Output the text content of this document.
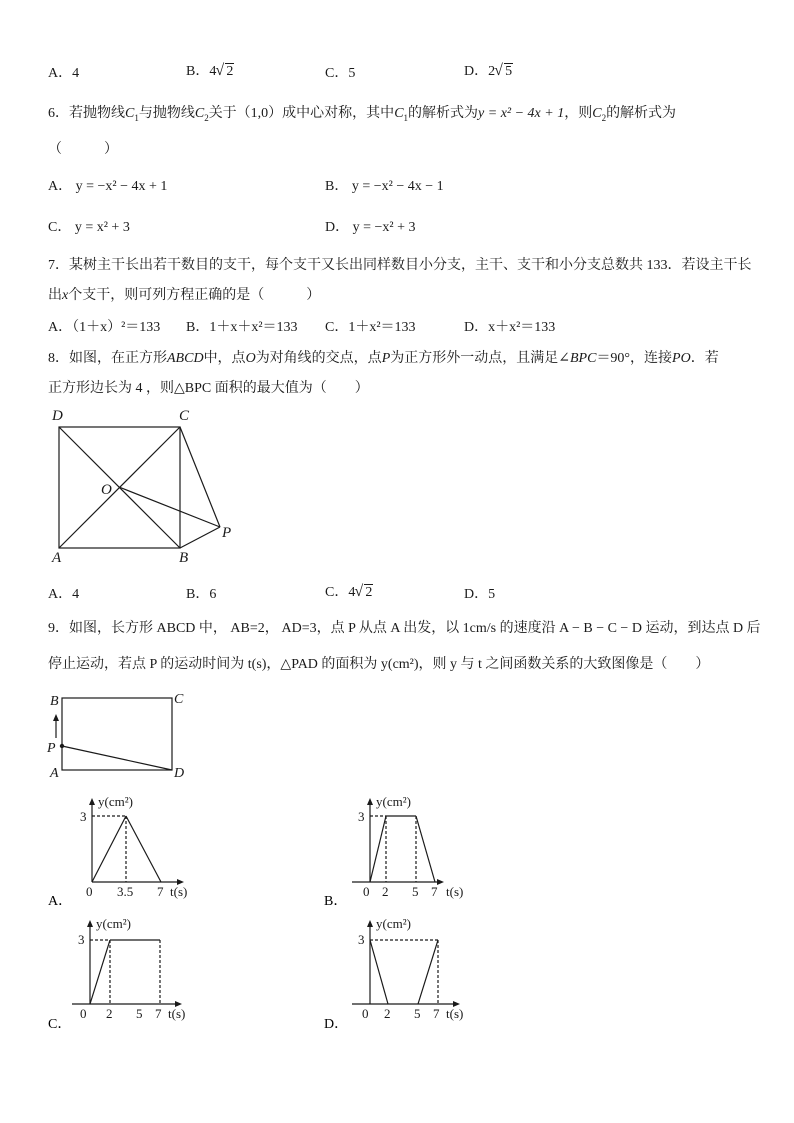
A．4	B．4 √ 2	C．5	D．2 √ 5
6．若抛物线$C_1$与抛物线$C_2$关于（1,0）成中心对称，其中$C_1$的解析式为y = x² − 4x + 1，则$C_2$的解析式为
（　　　）
A． y = −x² − 4x + 1	B． y = −x² − 4x − 1
C． y = x² + 3	D． y = −x² + 3
7．某树主干长出若干数目的支干，每个支干又长出同样数目小分支，主干、支干和小分支总数共 133．若设主干长
出x个支干，则可列方程正确的是（　　　）
A．（1＋x）²＝133 B．1＋x＋x²＝133 C．1＋x²＝133	D．x＋x²＝133
8．如图，在正方形ABCD中，点O为对角线的交点，点P为正方形外一动点，且满足∠BPC＝90°，连接PO．若
正方形边长为 4 ，则△BPC 面积的最大值为（　　）
D	C
O
P
A	B
A．4	B．6	C．4 √ 2	D．5
9．如图，长方形 ABCD 中， AB=2， AD=3，点 P 从点 A 出发，以 1cm/s 的速度沿 A − B − C − D 运动，到达点 D 后
停止运动，若点 P 的运动时间为 t(s)，△PAD 的面积为 y(cm²)，则 y 与 t 之间函数关系的大致图像是（　　）
B	C
P
A	D
A．
y(cm²)
3
0 3.5 7 t(s)
B．
y(cm²)
3
0 2 5 7 t(s)
C．
y(cm²)
3
0 2 5 7 t(s)
D．
y(cm²)
3
0 2 5 7 t(s)
